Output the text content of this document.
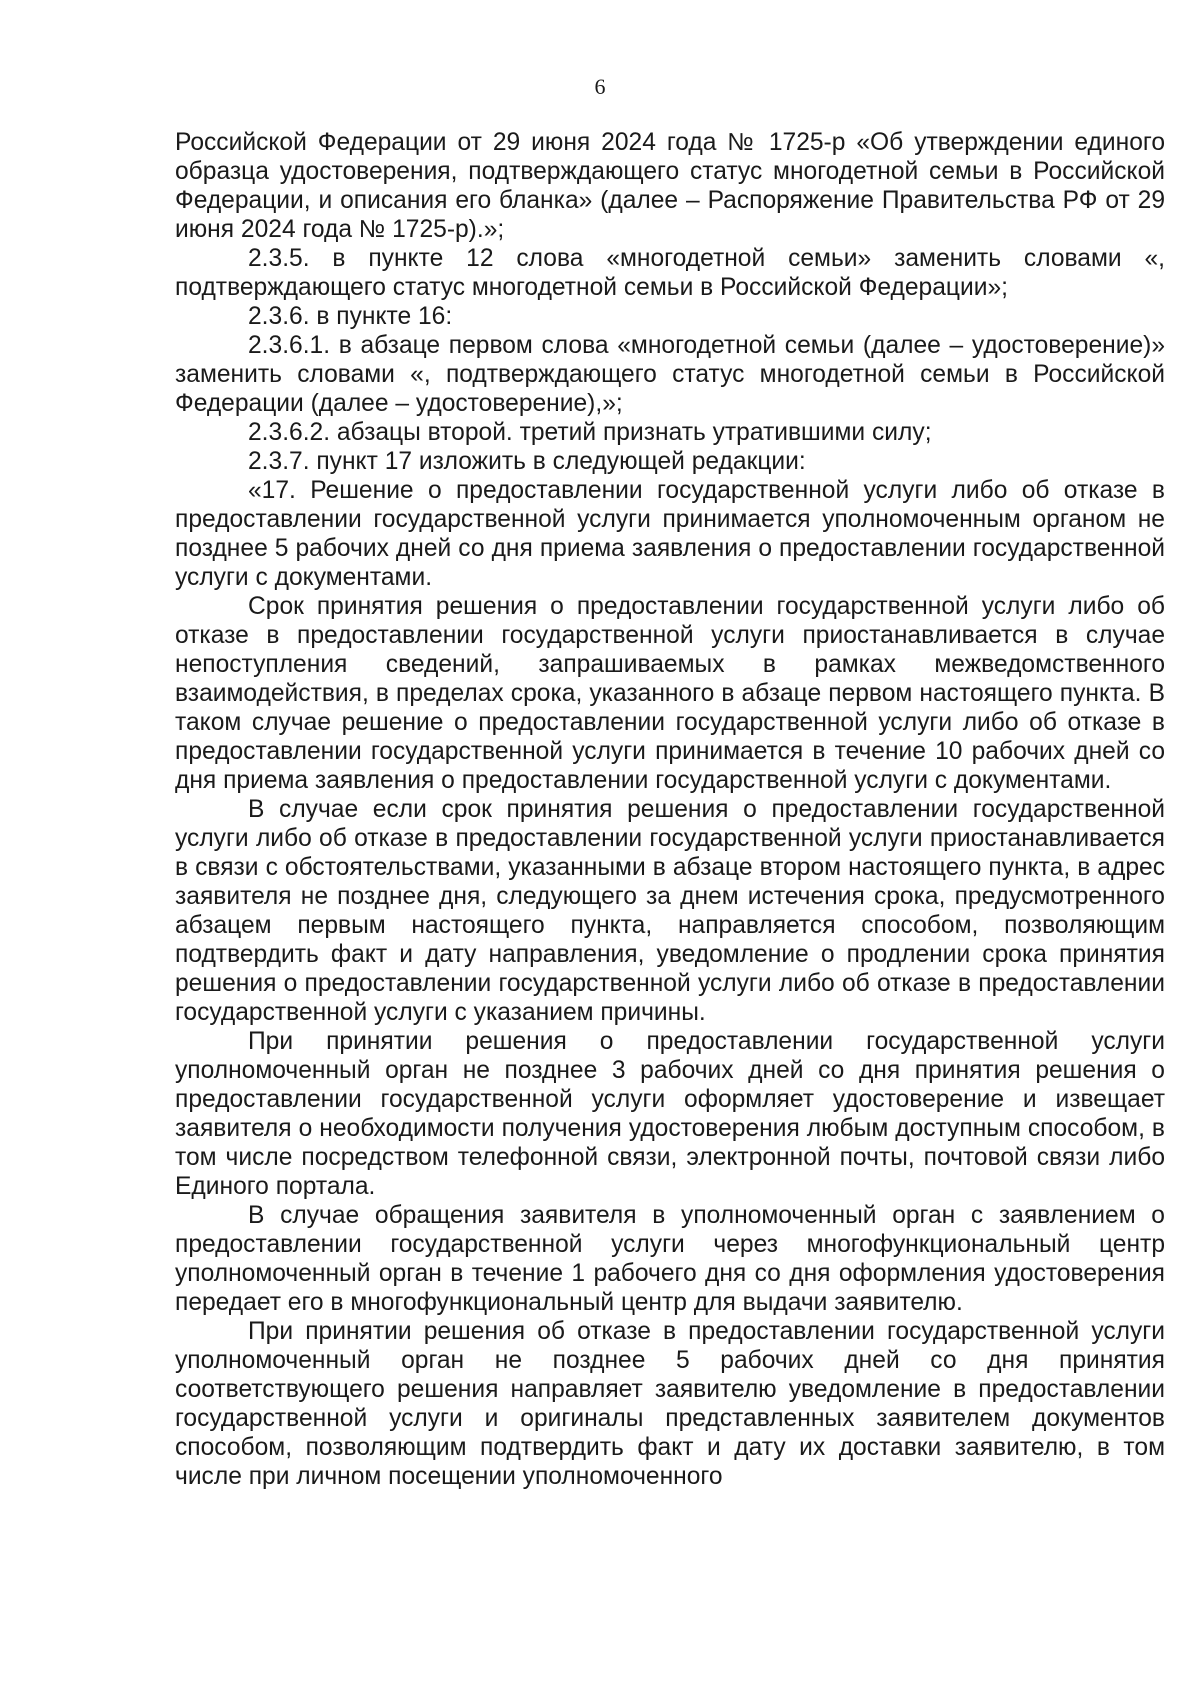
6

Российской Федерации от 29 июня 2024 года № 1725-р «Об утверждении единого образца удостоверения, подтверждающего статус многодетной семьи в Российской Федерации, и описания его бланка» (далее – Распоряжение Правительства РФ от 29 июня 2024 года № 1725-р).»;

2.3.5. в пункте 12 слова «многодетной семьи» заменить словами «, подтверждающего статус многодетной семьи в Российской Федерации»;

2.3.6. в пункте 16:

2.3.6.1. в абзаце первом слова «многодетной семьи (далее – удостоверение)» заменить словами «, подтверждающего статус многодетной семьи в Российской Федерации (далее – удостоверение),»;

2.3.6.2. абзацы второй. третий признать утратившими силу;

2.3.7. пункт 17 изложить в следующей редакции:

«17. Решение о предоставлении государственной услуги либо об отказе в предоставлении государственной услуги принимается уполномоченным органом не позднее 5 рабочих дней со дня приема заявления о предоставлении государственной услуги с документами.

Срок принятия решения о предоставлении государственной услуги либо об отказе в предоставлении государственной услуги приостанавливается в случае непоступления сведений, запрашиваемых в рамках межведомственного взаимодействия, в пределах срока, указанного в абзаце первом настоящего пункта. В таком случае решение о предоставлении государственной услуги либо об отказе в предоставлении государственной услуги принимается в течение 10 рабочих дней со дня приема заявления о предоставлении государственной услуги с документами.

В случае если срок принятия решения о предоставлении государственной услуги либо об отказе в предоставлении государственной услуги приостанавливается в связи с обстоятельствами, указанными в абзаце втором настоящего пункта, в адрес заявителя не позднее дня, следующего за днем истечения срока, предусмотренного абзацем первым настоящего пункта, направляется способом, позволяющим подтвердить факт и дату направления, уведомление о продлении срока принятия решения о предоставлении государственной услуги либо об отказе в предоставлении государственной услуги с указанием причины.

При принятии решения о предоставлении государственной услуги уполномоченный орган не позднее 3 рабочих дней со дня принятия решения о предоставлении государственной услуги оформляет удостоверение и извещает заявителя о необходимости получения удостоверения любым доступным способом, в том числе посредством телефонной связи, электронной почты, почтовой связи либо Единого портала.

В случае обращения заявителя в уполномоченный орган с заявлением о предоставлении государственной услуги через многофункциональный центр уполномоченный орган в течение 1 рабочего дня со дня оформления удостоверения передает его в многофункциональный центр для выдачи заявителю.

При принятии решения об отказе в предоставлении государственной услуги уполномоченный орган не позднее 5 рабочих дней со дня принятия соответствующего решения направляет заявителю уведомление в предоставлении государственной услуги и оригиналы представленных заявителем документов способом, позволяющим подтвердить факт и дату их доставки заявителю, в том числе при личном посещении уполномоченного
